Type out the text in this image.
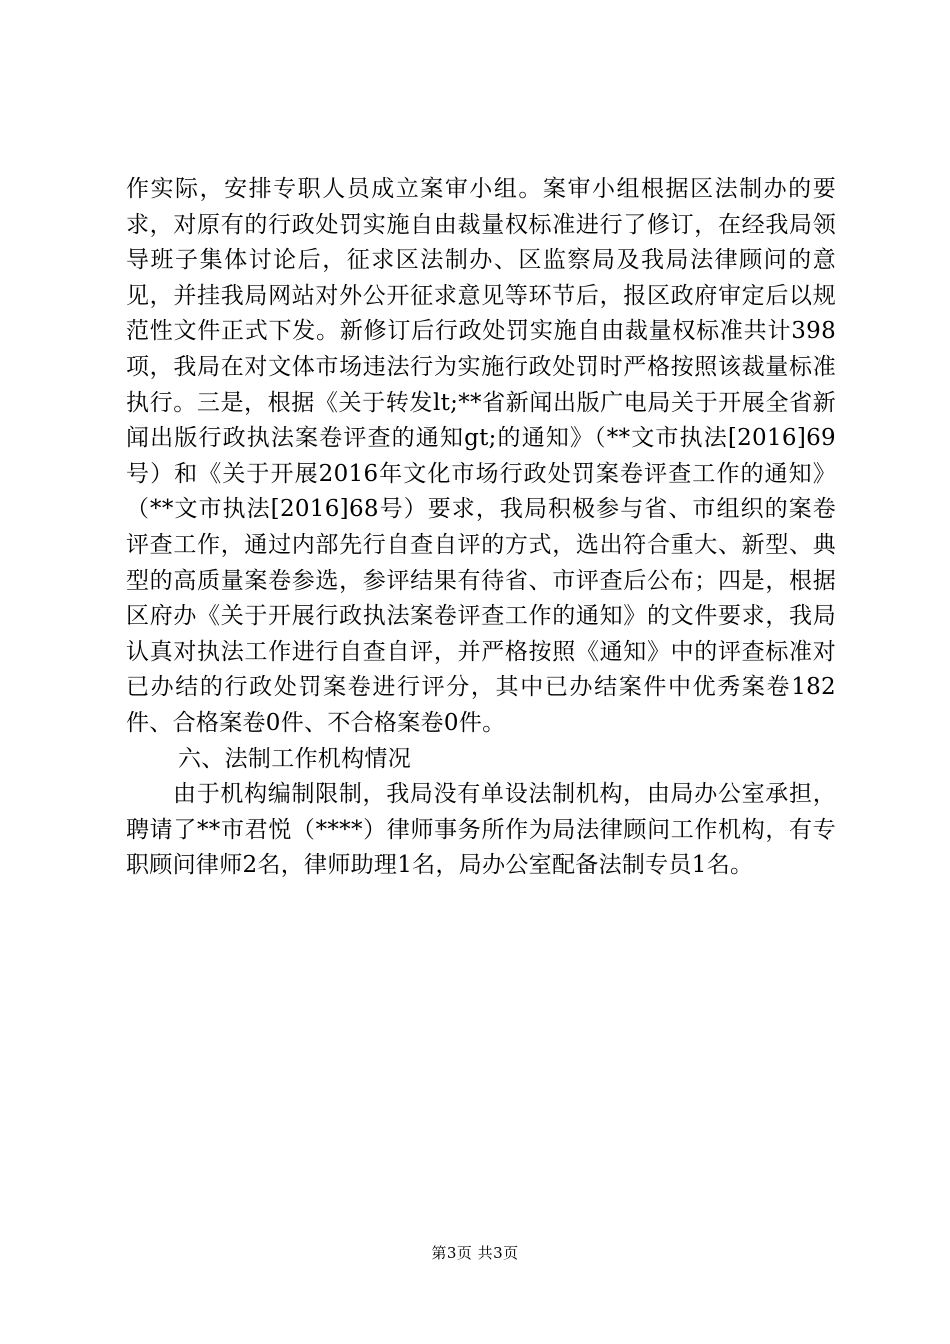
作实际，安排专职人员成立案审小组。案审小组根据区法制办的要求，对原有的行政处罚实施自由裁量权标准进行了修订，在经我局领导班子集体讨论后，征求区法制办、区监察局及我局法律顾问的意见，并挂我局网站对外公开征求意见等环节后，报区政府审定后以规范性文件正式下发。新修订后行政处罚实施自由裁量权标准共计398项，我局在对文体市场违法行为实施行政处罚时严格按照该裁量标准执行。三是，根据《关于转发lt;**省新闻出版广电局关于开展全省新闻出版行政执法案卷评查的通知gt;的通知》（**文市执法[2016]69号）和《关于开展2016年文化市场行政处罚案卷评查工作的通知》（**文市执法[2016]68号）要求，我局积极参与省、市组织的案卷评查工作，通过内部先行自查自评的方式，选出符合重大、新型、典型的高质量案卷参选，参评结果有待省、市评查后公布；四是，根据区府办《关于开展行政执法案卷评查工作的通知》的文件要求，我局认真对执法工作进行自查自评，并严格按照《通知》中的评查标准对已办结的行政处罚案卷进行评分，其中已办结案件中优秀案卷182件、合格案卷0件、不合格案卷0件。

六、法制工作机构情况

由于机构编制限制，我局没有单设法制机构，由局办公室承担，聘请了**市君悦（****）律师事务所作为局法律顾问工作机构，有专职顾问律师2名，律师助理1名，局办公室配备法制专员1名。

第3页 共3页
